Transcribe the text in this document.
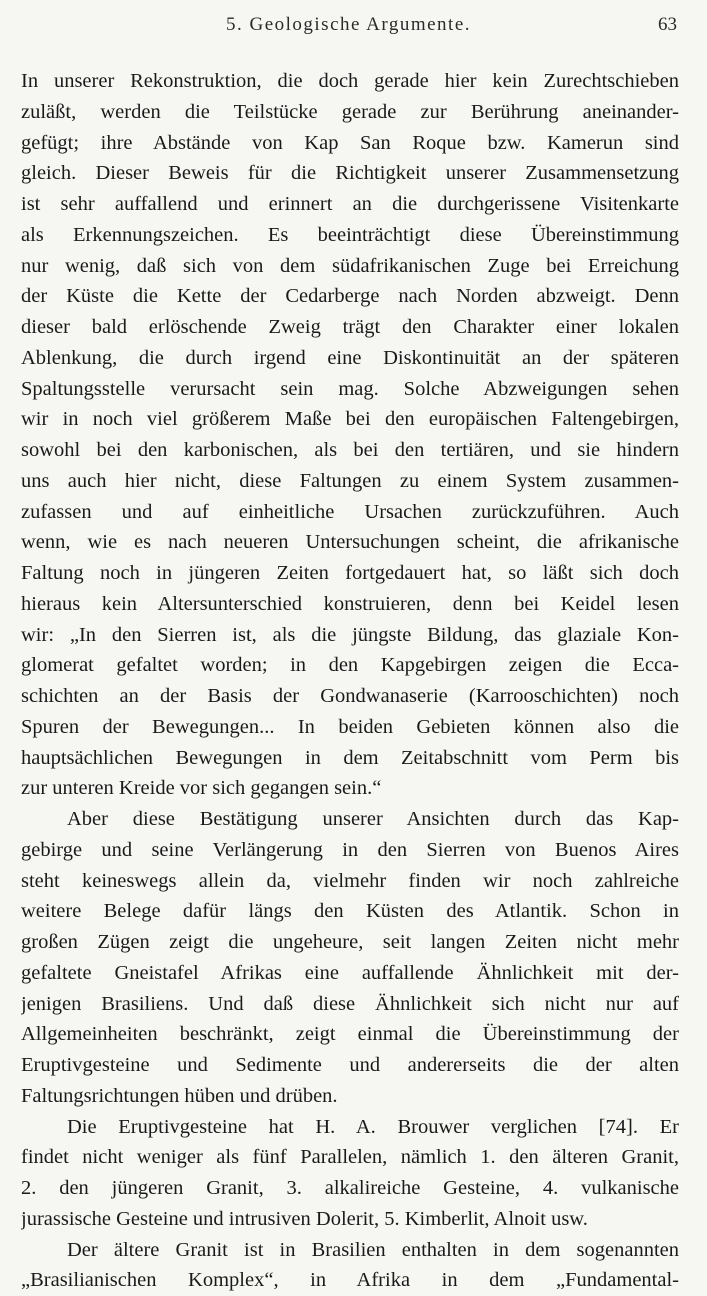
5. Geologische Argumente.	63
In unserer Rekonstruktion, die doch gerade hier kein Zurechtschieben
zuläßt, werden die Teilstücke gerade zur Berührung aneinander-
gefügt; ihre Abstände von Kap San Roque bzw. Kamerun sind
gleich. Dieser Beweis für die Richtigkeit unserer Zusammensetzung
ist sehr auffallend und erinnert an die durchgerissene Visitenkarte
als Erkennungszeichen. Es beeinträchtigt diese Übereinstimmung
nur wenig, daß sich von dem südafrikanischen Zuge bei Erreichung
der Küste die Kette der Cedarberge nach Norden abzweigt. Denn
dieser bald erlöschende Zweig trägt den Charakter einer lokalen
Ablenkung, die durch irgend eine Diskontinuität an der späteren
Spaltungsstelle verursacht sein mag. Solche Abzweigungen sehen
wir in noch viel größerem Maße bei den europäischen Faltengebirgen,
sowohl bei den karbonischen, als bei den tertiären, und sie hindern
uns auch hier nicht, diese Faltungen zu einem System zusammen-
zufassen und auf einheitliche Ursachen zurückzuführen. Auch
wenn, wie es nach neueren Untersuchungen scheint, die afrikanische
Faltung noch in jüngeren Zeiten fortgedauert hat, so läßt sich doch
hieraus kein Altersunterschied konstruieren, denn bei Keidel lesen
wir: „In den Sierren ist, als die jüngste Bildung, das glaziale Kon-
glomerat gefaltet worden; in den Kapgebirgen zeigen die Ecca-
schichten an der Basis der Gondwanaserie (Karrooschichten) noch
Spuren der Bewegungen... In beiden Gebieten können also die
hauptsächlichen Bewegungen in dem Zeitabschnitt vom Perm bis
zur unteren Kreide vor sich gegangen sein.“
Aber diese Bestätigung unserer Ansichten durch das Kap-
gebirge und seine Verlängerung in den Sierren von Buenos Aires
steht keineswegs allein da, vielmehr finden wir noch zahlreiche
weitere Belege dafür längs den Küsten des Atlantik. Schon in
großen Zügen zeigt die ungeheure, seit langen Zeiten nicht mehr
gefaltete Gneistafel Afrikas eine auffallende Ähnlichkeit mit der-
jenigen Brasiliens. Und daß diese Ähnlichkeit sich nicht nur auf
Allgemeinheiten beschränkt, zeigt einmal die Übereinstimmung der
Eruptivgesteine und Sedimente und andererseits die der alten
Faltungsrichtungen hüben und drüben.
Die Eruptivgesteine hat H. A. Brouwer verglichen [74]. Er
findet nicht weniger als fünf Parallelen, nämlich 1. den älteren Granit,
2. den jüngeren Granit, 3. alkalireiche Gesteine, 4. vulkanische
jurassische Gesteine und intrusiven Dolerit, 5. Kimberlit, Alnoit usw.
Der ältere Granit ist in Brasilien enthalten in dem sogenannten
„Brasilianischen Komplex“, in Afrika in dem „Fundamental-
